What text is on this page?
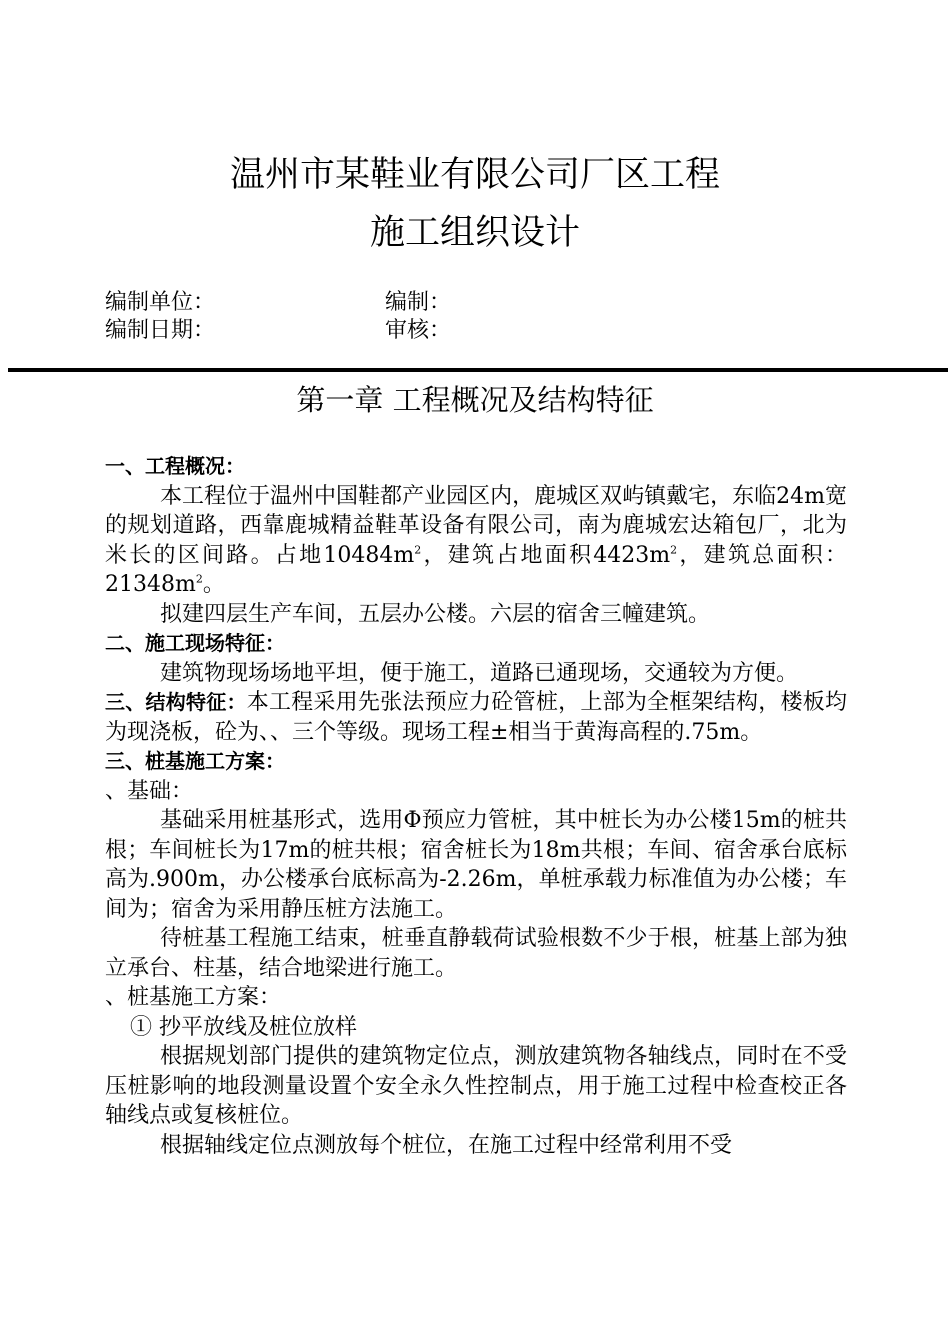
温州市某鞋业有限公司厂区工程
施工组织设计
编制单位：	编制：
编制日期：	审核：
第一章 工程概况及结构特征

一、工程概况：

本工程位于温州中国鞋都产业园区内，鹿城区双屿镇戴宅，东临24m宽的规划道路，西靠鹿城精益鞋革设备有限公司，南为鹿城宏达箱包厂，北为米长的区间路。占地$10484m^2$，建筑占地面积$4423m^2$，建筑总面积：$21348m^2$。

拟建四层生产车间，五层办公楼。六层的宿舍三幢建筑。

二、施工现场特征：

建筑物现场场地平坦，便于施工，道路已通现场，交通较为方便。

三、结构特征：本工程采用先张法预应力砼管桩，上部为全框架结构，楼板均为现浇板，砼为、、三个等级。现场工程±相当于黄海高程的.75m。

三、桩基施工方案：

、基础：

基础采用桩基形式，选用Φ预应力管桩，其中桩长为办公楼15m的桩共根；车间桩长为17m的桩共根；宿舍桩长为18m共根；车间、宿舍承台底标高为.900m，办公楼承台底标高为-2.26m，单桩承载力标准值为办公楼；车间为；宿舍为采用静压桩方法施工。

待桩基工程施工结束，桩垂直静载荷试验根数不少于根，桩基上部为独立承台、柱基，结合地梁进行施工。

、桩基施工方案：

① 抄平放线及桩位放样

根据规划部门提供的建筑物定位点，测放建筑物各轴线点，同时在不受压桩影响的地段测量设置个安全永久性控制点，用于施工过程中检查校正各轴线点或复核桩位。

根据轴线定位点测放每个桩位，在施工过程中经常利用不受
